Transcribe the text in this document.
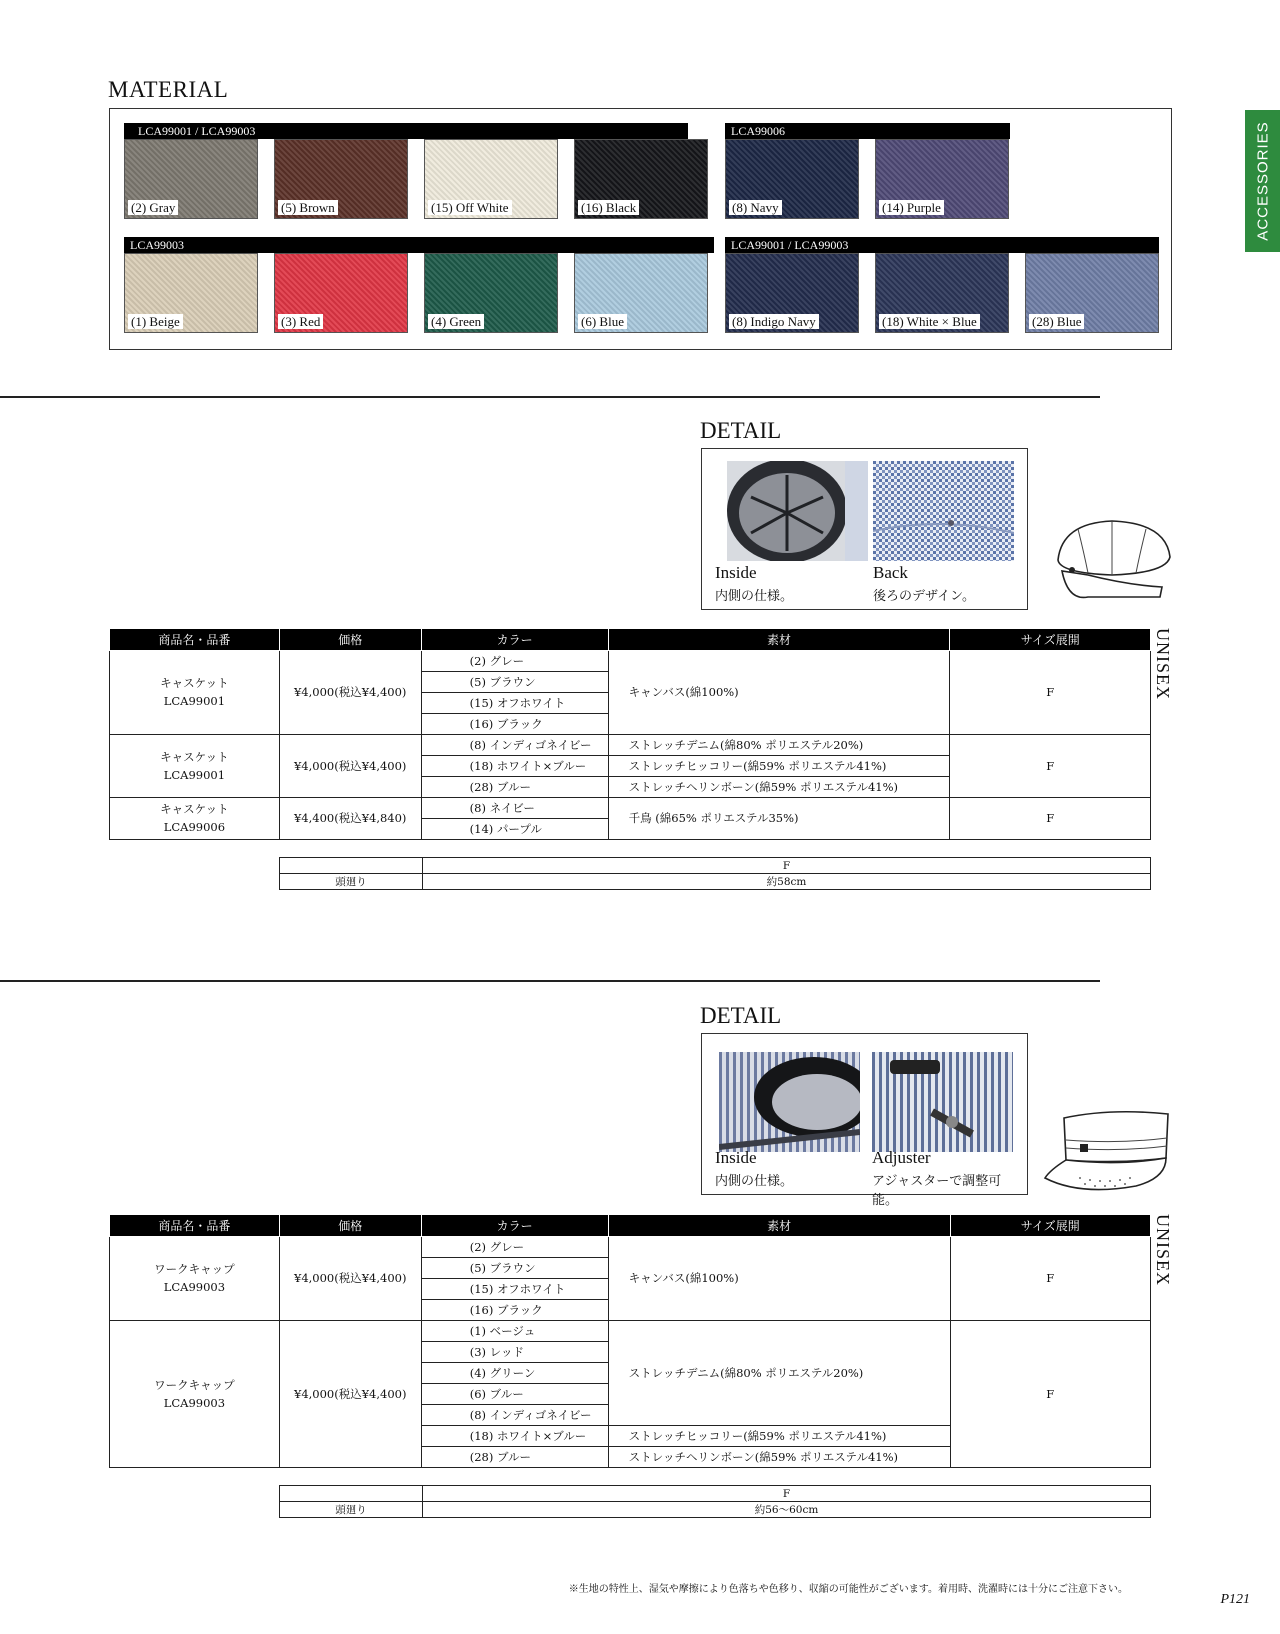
MATERIAL
LCA99001 / LCA99003
(2) Gray	(5) Brown	(15) Off White	(16) Black
LCA99006
(8) Navy	(14) Purple
LCA99003
(1) Beige	(3) Red	(4) Green	(6) Blue
LCA99001 / LCA99003
(8) Indigo Navy	(18) White × Blue	(28) Blue
ACCESSORIES
DETAIL
Inside
内側の仕様。
Back
後ろのデザイン。
UNISEX
商品名・品番	価格	カラー	素材	サイズ展開

キャスケット
LCA99001	¥4,000(税込¥4,400)	(2) グレー	キャンバス(綿100%)	F
		(5) ブラウン		
		(15) オフホワイト		
		(16) ブラック		

キャスケット
LCA99001	¥4,000(税込¥4,400)	(8) インディゴネイビー	ストレッチデニム(綿80% ポリエステル20%)	F
		(18) ホワイト×ブルー	ストレッチヒッコリー(綿59% ポリエステル41%)	
		(28) ブルー	ストレッチヘリンボーン(綿59% ポリエステル41%)	

キャスケット
LCA99006	¥4,400(税込¥4,840)	(8) ネイビー	千鳥 (綿65% ポリエステル35%)	F
		(14) パープル		
	F
頭廻り	約58cm
DETAIL
Inside
内側の仕様。
Adjuster
アジャスターで調整可能。
UNISEX
商品名・品番	価格	カラー	素材	サイズ展開

ワークキャップ
LCA99003	¥4,000(税込¥4,400)	(2) グレー	キャンバス(綿100%)	F
		(5) ブラウン		
		(15) オフホワイト		
		(16) ブラック		

ワークキャップ
LCA99003	¥4,000(税込¥4,400)	(1) ベージュ	ストレッチデニム(綿80% ポリエステル20%)	F
		(3) レッド		
		(4) グリーン		
		(6) ブルー		
		(8) インディゴネイビー		
		(18) ホワイト×ブルー	ストレッチヒッコリー(綿59% ポリエステル41%)	
		(28) ブルー	ストレッチヘリンボーン(綿59% ポリエステル41%)	
	F
頭廻り	約56〜60cm
※生地の特性上、湿気や摩擦により色落ちや色移り、収縮の可能性がございます。着用時、洗濯時には十分にご注意下さい。
P121
